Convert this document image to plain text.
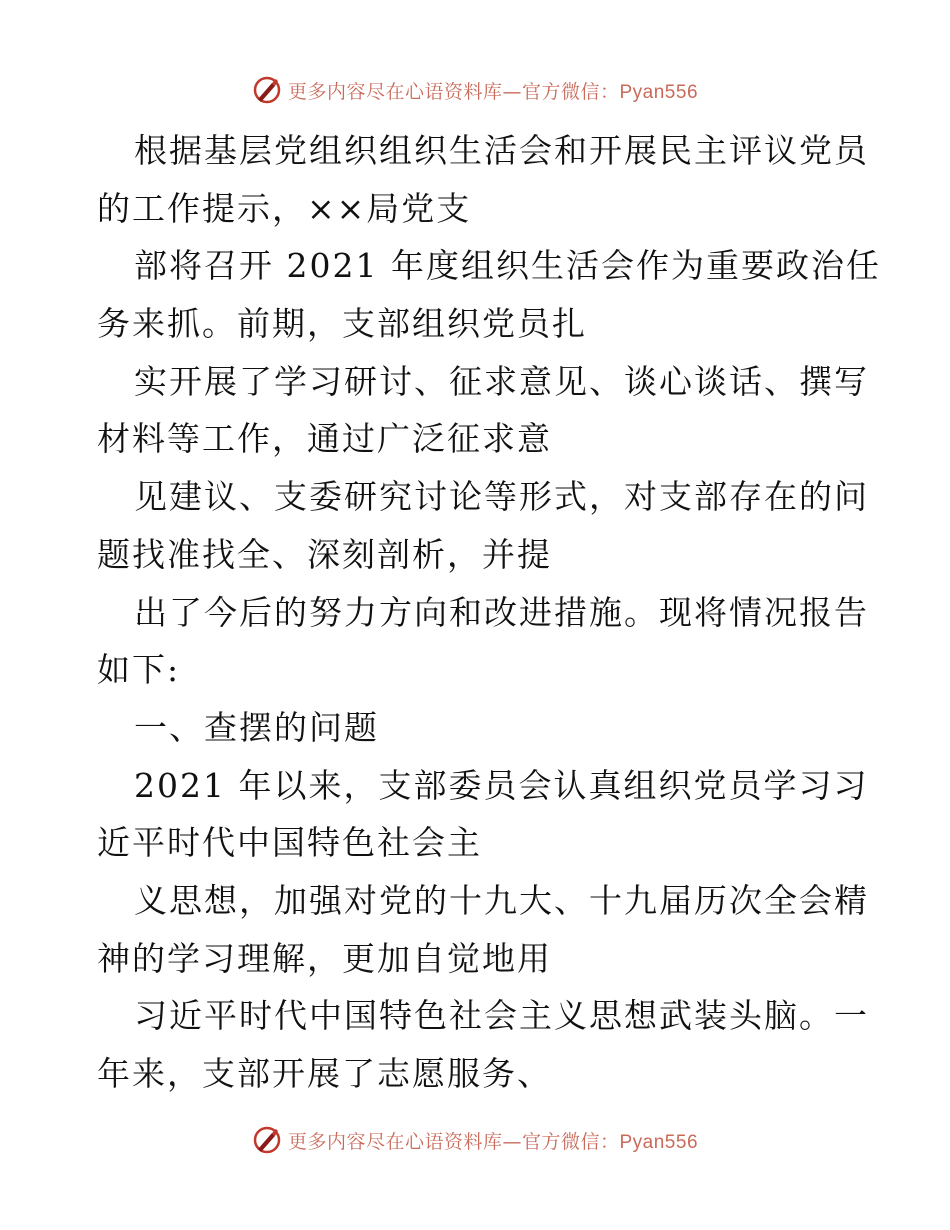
更多内容尽在心语资料库—官方微信：Pyan556
根据基层党组织组织生活会和开展民主评议党员
的工作提示，××局党支
部将召开 2021 年度组织生活会作为重要政治任
务来抓。前期，支部组织党员扎
实开展了学习研讨、征求意见、谈心谈话、撰写
材料等工作，通过广泛征求意
见建议、支委研究讨论等形式，对支部存在的问
题找准找全、深刻剖析，并提
出了今后的努力方向和改进措施。现将情况报告
如下:
一、查摆的问题
2021 年以来，支部委员会认真组织党员学习习
近平时代中国特色社会主
义思想，加强对党的十九大、十九届历次全会精
神的学习理解，更加自觉地用
习近平时代中国特色社会主义思想武装头脑。一
年来，支部开展了志愿服务、
更多内容尽在心语资料库—官方微信：Pyan556
